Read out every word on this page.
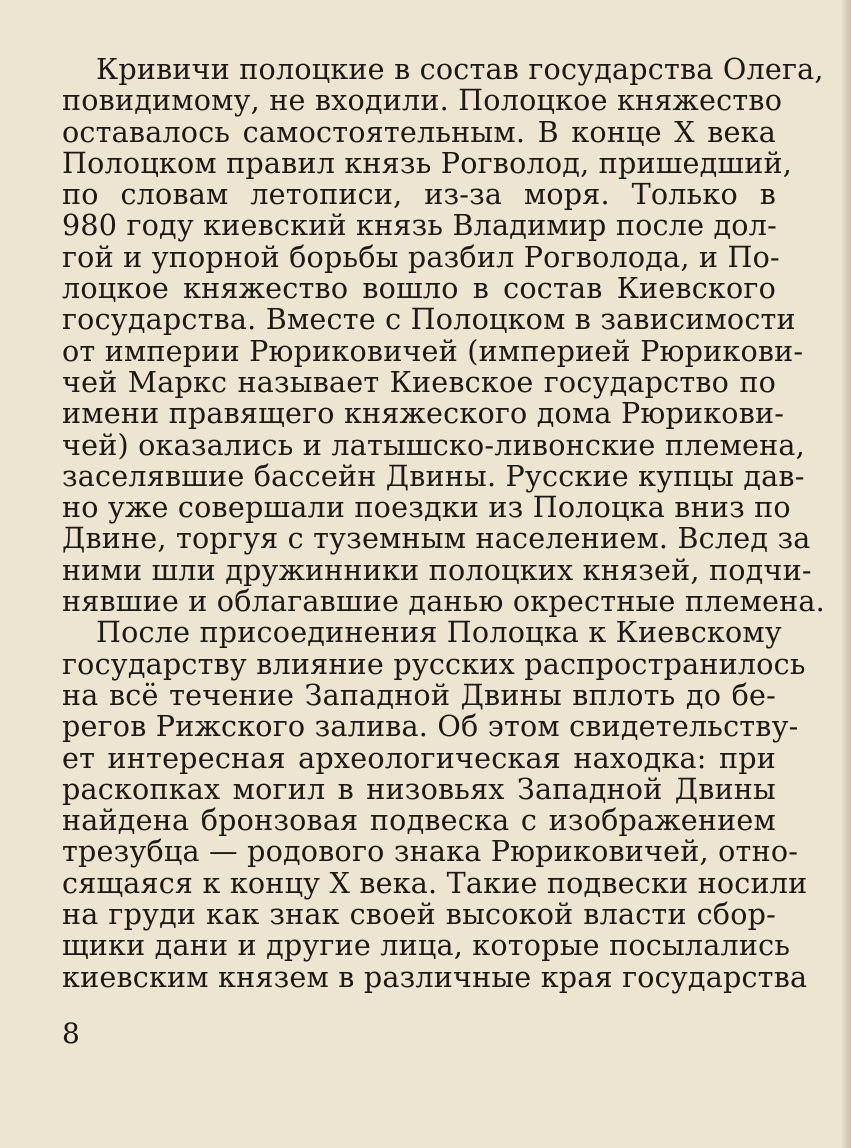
Кривичи полоцкие в состав государства Олега,
повидимому, не входили. Полоцкое княжество
оставалось самостоятельным. В конце X века
Полоцком правил князь Рогволод, пришедший,
по словам летописи, из-за моря. Только в
980 году киевский князь Владимир после дол-
гой и упорной борьбы разбил Рогволода, и По-
лоцкое княжество вошло в состав Киевского
государства. Вместе с Полоцком в зависимости
от империи Рюриковичей (империей Рюрикови-
чей Маркс называет Киевское государство по
имени правящего княжеского дома Рюрикови-
чей) оказались и латышско-ливонские племена,
заселявшие бассейн Двины. Русские купцы дав-
но уже совершали поездки из Полоцка вниз по
Двине, торгуя с туземным населением. Вслед за
ними шли дружинники полоцких князей, подчи-
нявшие и облагавшие данью окрестные племена.
После присоединения Полоцка к Киевскому
государству влияние русских распространилось
на всё течение Западной Двины вплоть до бе-
регов Рижского залива. Об этом свидетельству-
ет интересная археологическая находка: при
раскопках могил в низовьях Западной Двины
найдена бронзовая подвеска с изображением
трезубца — родового знака Рюриковичей, отно-
сящаяся к концу X века. Такие подвески носили
на груди как знак своей высокой власти сбор-
щики дани и другие лица, которые посылались
киевским князем в различные края государства
8
